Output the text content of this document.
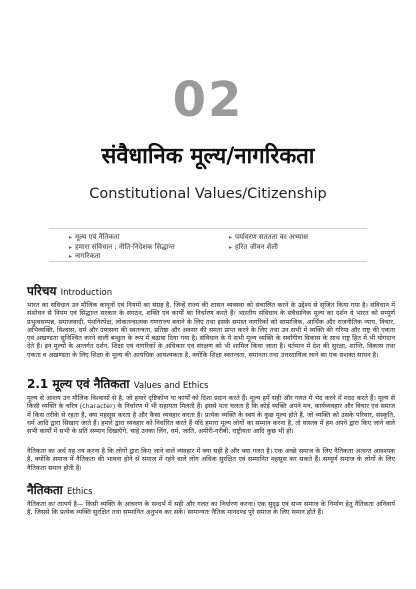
02
संवैधानिक मूल्य/नागरिकता
Constitutional Values/Citizenship
▸ मूल्य एवं नैतिकता
▸ हमारा संविधान : नीति-निदेशक सिद्धान्त
▸ नागरिकता
▸ पर्यावरण सततता का अभ्यास
▸ हरित जीवन शैली
परिचय Introduction
भारत का संविधान उन मौलिक कानूनों एवं नियमों का संग्रह है, जिन्हें राज्य की शासन व्यवस्था को संचालित करने के उद्देश्य से सृजित किया गया है। संविधान में संशोधन से नियम एवं सिद्धान्त सरकार के संगठन, शक्ति एवं कार्यों का निर्धारण करते हैं। भारतीय संविधान के संवैधानिक मूल्य का दर्शन ये भारत को सम्पूर्ण प्रभुत्वसम्पन्न, समाजवादी, पंथनिरपेक्ष, लोकतन्त्रात्मक गणराज्य बनाने के लिए तथा इसके समस्त नागरिकों को सामाजिक, आर्थिक और राजनीतिक न्याय, विचार, अभिव्यक्ति, विश्वास, धर्म और उपासना की स्वतन्त्रता, प्रतिष्ठा और अवसर की समता प्राप्त करने के लिए तथा उन सभी में व्यक्ति की गरिमा और राष्ट्र की एकता एवं अखण्डता सुनिश्चित करने वाली बन्धुता के रूप में बढ़ावा दिया गया है। संविधान के ये सभी मूल्य व्यक्ति के सर्वांगीण विकास के साथ राष्ट्र हित में भी योगदान देते हैं। इन मूल्यों के अन्तर्गत दर्शन, शिक्षा एवं नागरिकों के अधिकार एवं संरक्षण को भी शामिल किया जाता है। वर्तमान में देश की सुरक्षा, शान्ति, विकास तथा एकता व अखण्डता के लिए शिक्षा के मूल्य की अत्यधिक आवश्यकता है, क्योंकि शिक्षा स्वतन्त्रता, समानता तथा उत्तरदायित्व लाने का एक सशक्त साधन है।
2.1 मूल्य एवं नैतिकता Values and Ethics
मूल्य से आशय उन मौलिक विश्वासों से है, जो हमारे दृष्टिकोण या कार्यों को दिशा प्रदान करते हैं। मूल्य हमें सही और गलत में भेद करने में मदद करते हैं। मूल्य से किसी व्यक्ति के चरित्र (character) के निर्धारण में भी सहायता मिलती है। इससे पता चलता है कि कोई व्यक्ति अपने मन, कार्यव्यवहार और विचार एवं समाज में किस तरीके से रहता है, क्या महसूस करता है और कैसा व्यवहार करता है। प्रत्येक व्यक्ति के स्वयं के कुछ मूल्य होते हैं, जो व्यक्ति को उसके परिवार, संस्कृति, धर्म आदि द्वारा सिखाए जाते हैं। हमारे द्वारा व्यवहार को निर्धारित करते हैं यदि हमारा मूल्य लोगों का सम्मान करना है, तो वास्तव में हम अपने द्वारा किए जाने वाले सभी कार्यों में सभी के प्रति सम्मान दिखाएँगे, चाहे उनका लिंग, धर्म, जाति, अमीरी-गरीबी, राष्ट्रीयता आदि कुछ भी हो।
नैतिकता का अर्थ यह तय करना है कि लोगों द्वारा किए जाने वाले व्यवहार में क्या सही है और क्या गलत है। एक अच्छे समाज के लिए नैतिकता अत्यन्त आवश्यक है, क्योंकि समाज में नैतिकता की भावना होने से समाज में रहने वाले लोग अधिक सुरक्षित एवं सम्मानित महसूस कर सकते हैं। सम्पूर्ण समाज के लोगों के लिए नैतिकता समान होती है।
नैतिकता Ethics
नैतिकता का तात्पर्य है— किसी व्यक्ति के आचरण के सन्दर्भ में सही और गलत का निर्धारण करना। एक सुदृढ़ एवं सभ्य समाज के निर्माण हेतु नैतिकता अनिवार्य है, जिससे कि प्रत्येक व्यक्ति सुरक्षित तथा सम्मानित अनुभव कर सके। सामान्यतः नैतिक मानदण्ड पूरे समाज के लिए समान होते हैं।
